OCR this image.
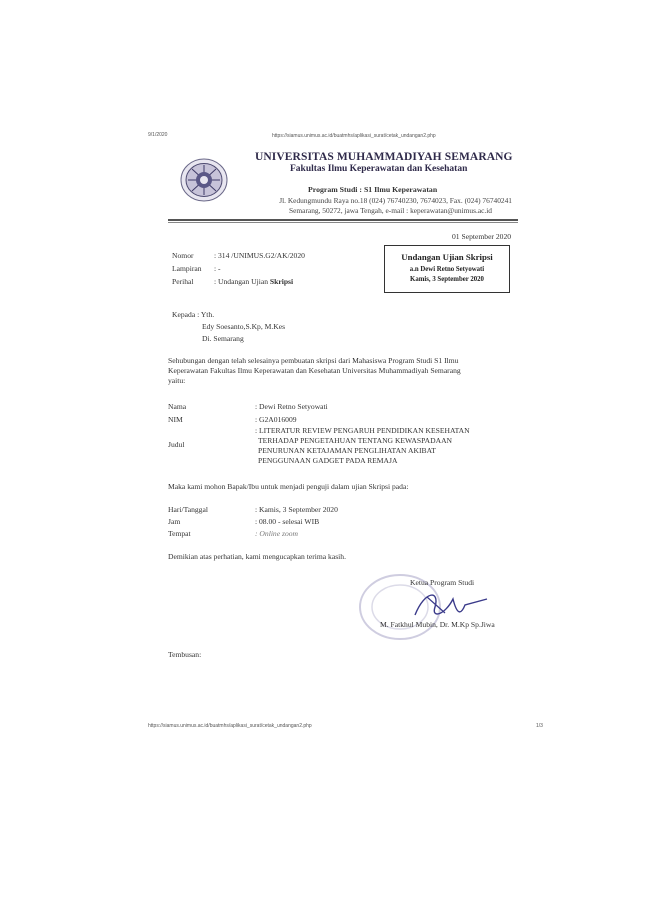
9/1/2020	https://siamus.unimus.ac.id/buatmhs/aplikasi_surat/cetak_undangan2.php
UNIVERSITAS MUHAMMADIYAH SEMARANG
Fakultas Ilmu Keperawatan dan Kesehatan
Program Studi : S1 Ilmu Keperawatan
Jl. Kedungmundu Raya no.18 (024) 76740230, 7674023, Fax. (024) 76740241
Semarang, 50272, jawa Tengah, e-mail : keperawatan@unimus.ac.id
01 September 2020
Nomor	: 314 /UNIMUS.G2/AK/2020
Lampiran : -
Perihal	: Undangan Ujian Skripsi
Undangan Ujian Skripsi
a.n Dewi Retno Setyowati
Kamis, 3 September 2020
Kepada : Yth.
Edy Soesanto,S.Kp, M.Kes
Di. Semarang
Sehubungan dengan telah selesainya pembuatan skripsi dari Mahasiswa Program Studi S1 Ilmu
Keperawatan Fakultas Ilmu Keperawatan dan Kesehatan Universitas Muhammadiyah Semarang
yaitu:
Nama	: Dewi Retno Setyowati
NIM	: G2A016009
Judul
: LITERATUR REVIEW PENGARUH PENDIDIKAN KESEHATAN
TERHADAP PENGETAHUAN TENTANG KEWASPADAAN
PENURUNAN KETAJAMAN PENGLIHATAN AKIBAT
PENGGUNAAN GADGET PADA REMAJA
Maka kami mohon Bapak/Ibu untuk menjadi penguji dalam ujian Skripsi pada:
Hari/Tanggal	: Kamis, 3 September 2020
Jam	: 08.00 - selesai WIB
Tempat	: Online zoom
Demikian atas perhatian, kami mengucapkan terima kasih.
Ketua Program Studi
M. Fatkhul Mubin, Dr. M.Kp Sp.Jiwa
Tembusan:
https://siamus.unimus.ac.id/buatmhs/aplikasi_surat/cetak_undangan2.php	1/3
